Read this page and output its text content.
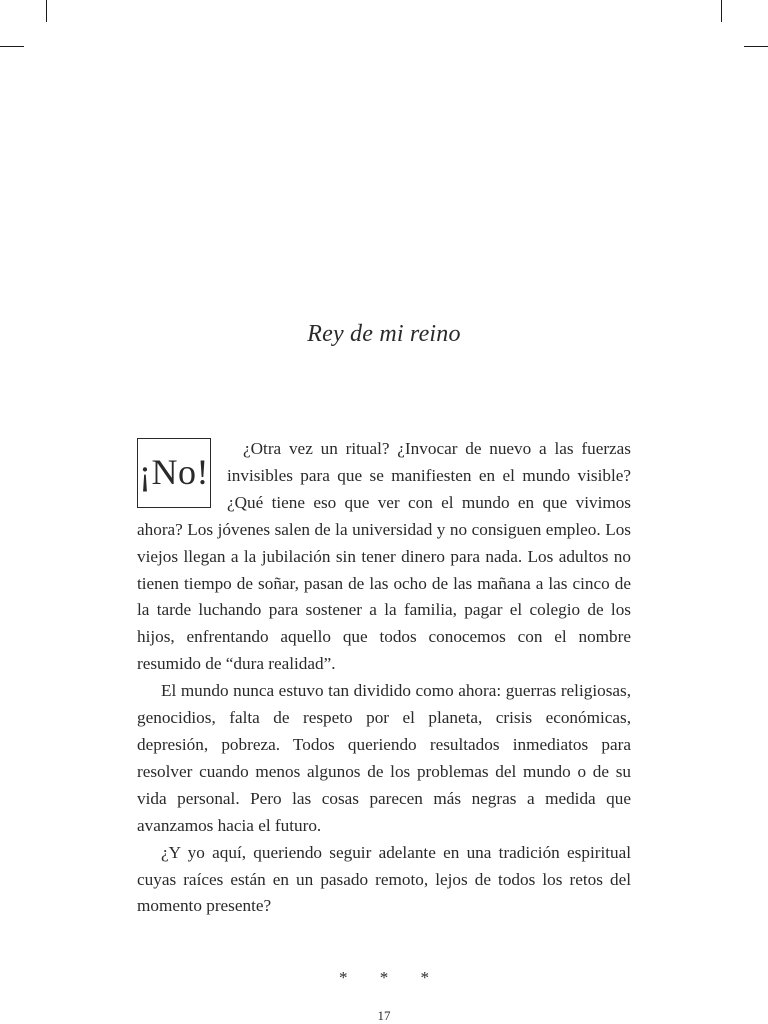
Rey de mi reino

¡No!
¿Otra vez un ritual? ¿Invocar de nuevo a las fuerzas invisibles para que se manifiesten en el mundo visible? ¿Qué tiene eso que ver con el mundo en que vivimos ahora? Los jóvenes salen de la universidad y no consiguen empleo. Los viejos llegan a la jubilación sin tener dinero para nada. Los adultos no tienen tiempo de soñar, pasan de las ocho de las mañana a las cinco de la tarde luchando para sostener a la familia, pagar el colegio de los hijos, enfrentando aquello que todos conocemos con el nombre resumido de “dura realidad”.

El mundo nunca estuvo tan dividido como ahora: guerras religiosas, genocidios, falta de respeto por el planeta, crisis económicas, depresión, pobreza. Todos queriendo resultados inmediatos para resolver cuando menos algunos de los problemas del mundo o de su vida personal. Pero las cosas parecen más negras a medida que avanzamos hacia el futuro.

¿Y yo aquí, queriendo seguir adelante en una tradición espiritual cuyas raíces están en un pasado remoto, lejos de todos los retos del momento presente?

* * *
17
